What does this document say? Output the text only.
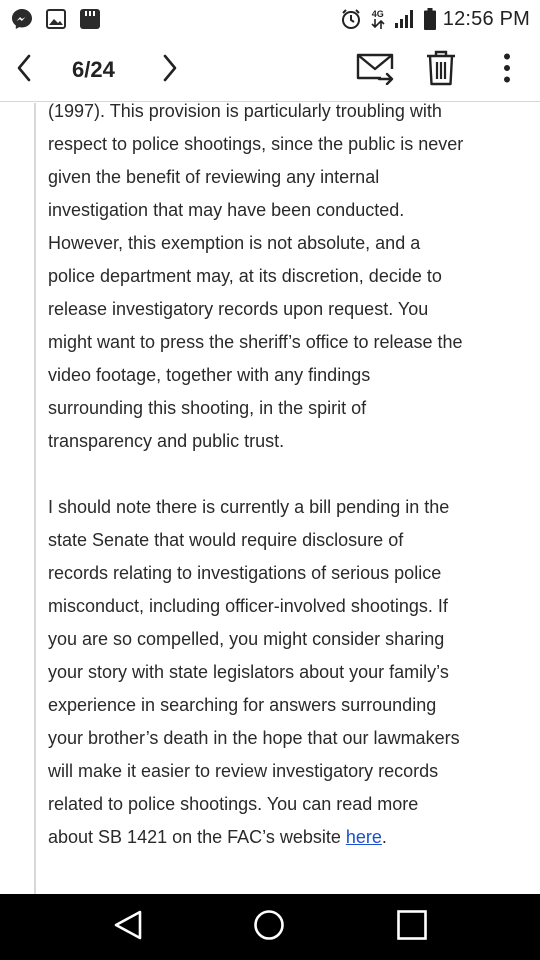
4G	12:56 PM
6/24

(1997). This provision is particularly troubling with

respect to police shootings, since the public is never

given the benefit of reviewing any internal

investigation that may have been conducted.

However, this exemption is not absolute, and a

police department may, at its discretion, decide to

release investigatory records upon request. You

might want to press the sheriff’s office to release the

video footage, together with any findings

surrounding this shooting, in the spirit of

transparency and public trust.

I should note there is currently a bill pending in the

state Senate that would require disclosure of

records relating to investigations of serious police

misconduct, including officer-involved shootings. If

you are so compelled, you might consider sharing

your story with state legislators about your family’s

experience in searching for answers surrounding

your brother’s death in the hope that our lawmakers

will make it easier to review investigatory records

related to police shootings. You can read more

about SB 1421 on the FAC’s website here.
